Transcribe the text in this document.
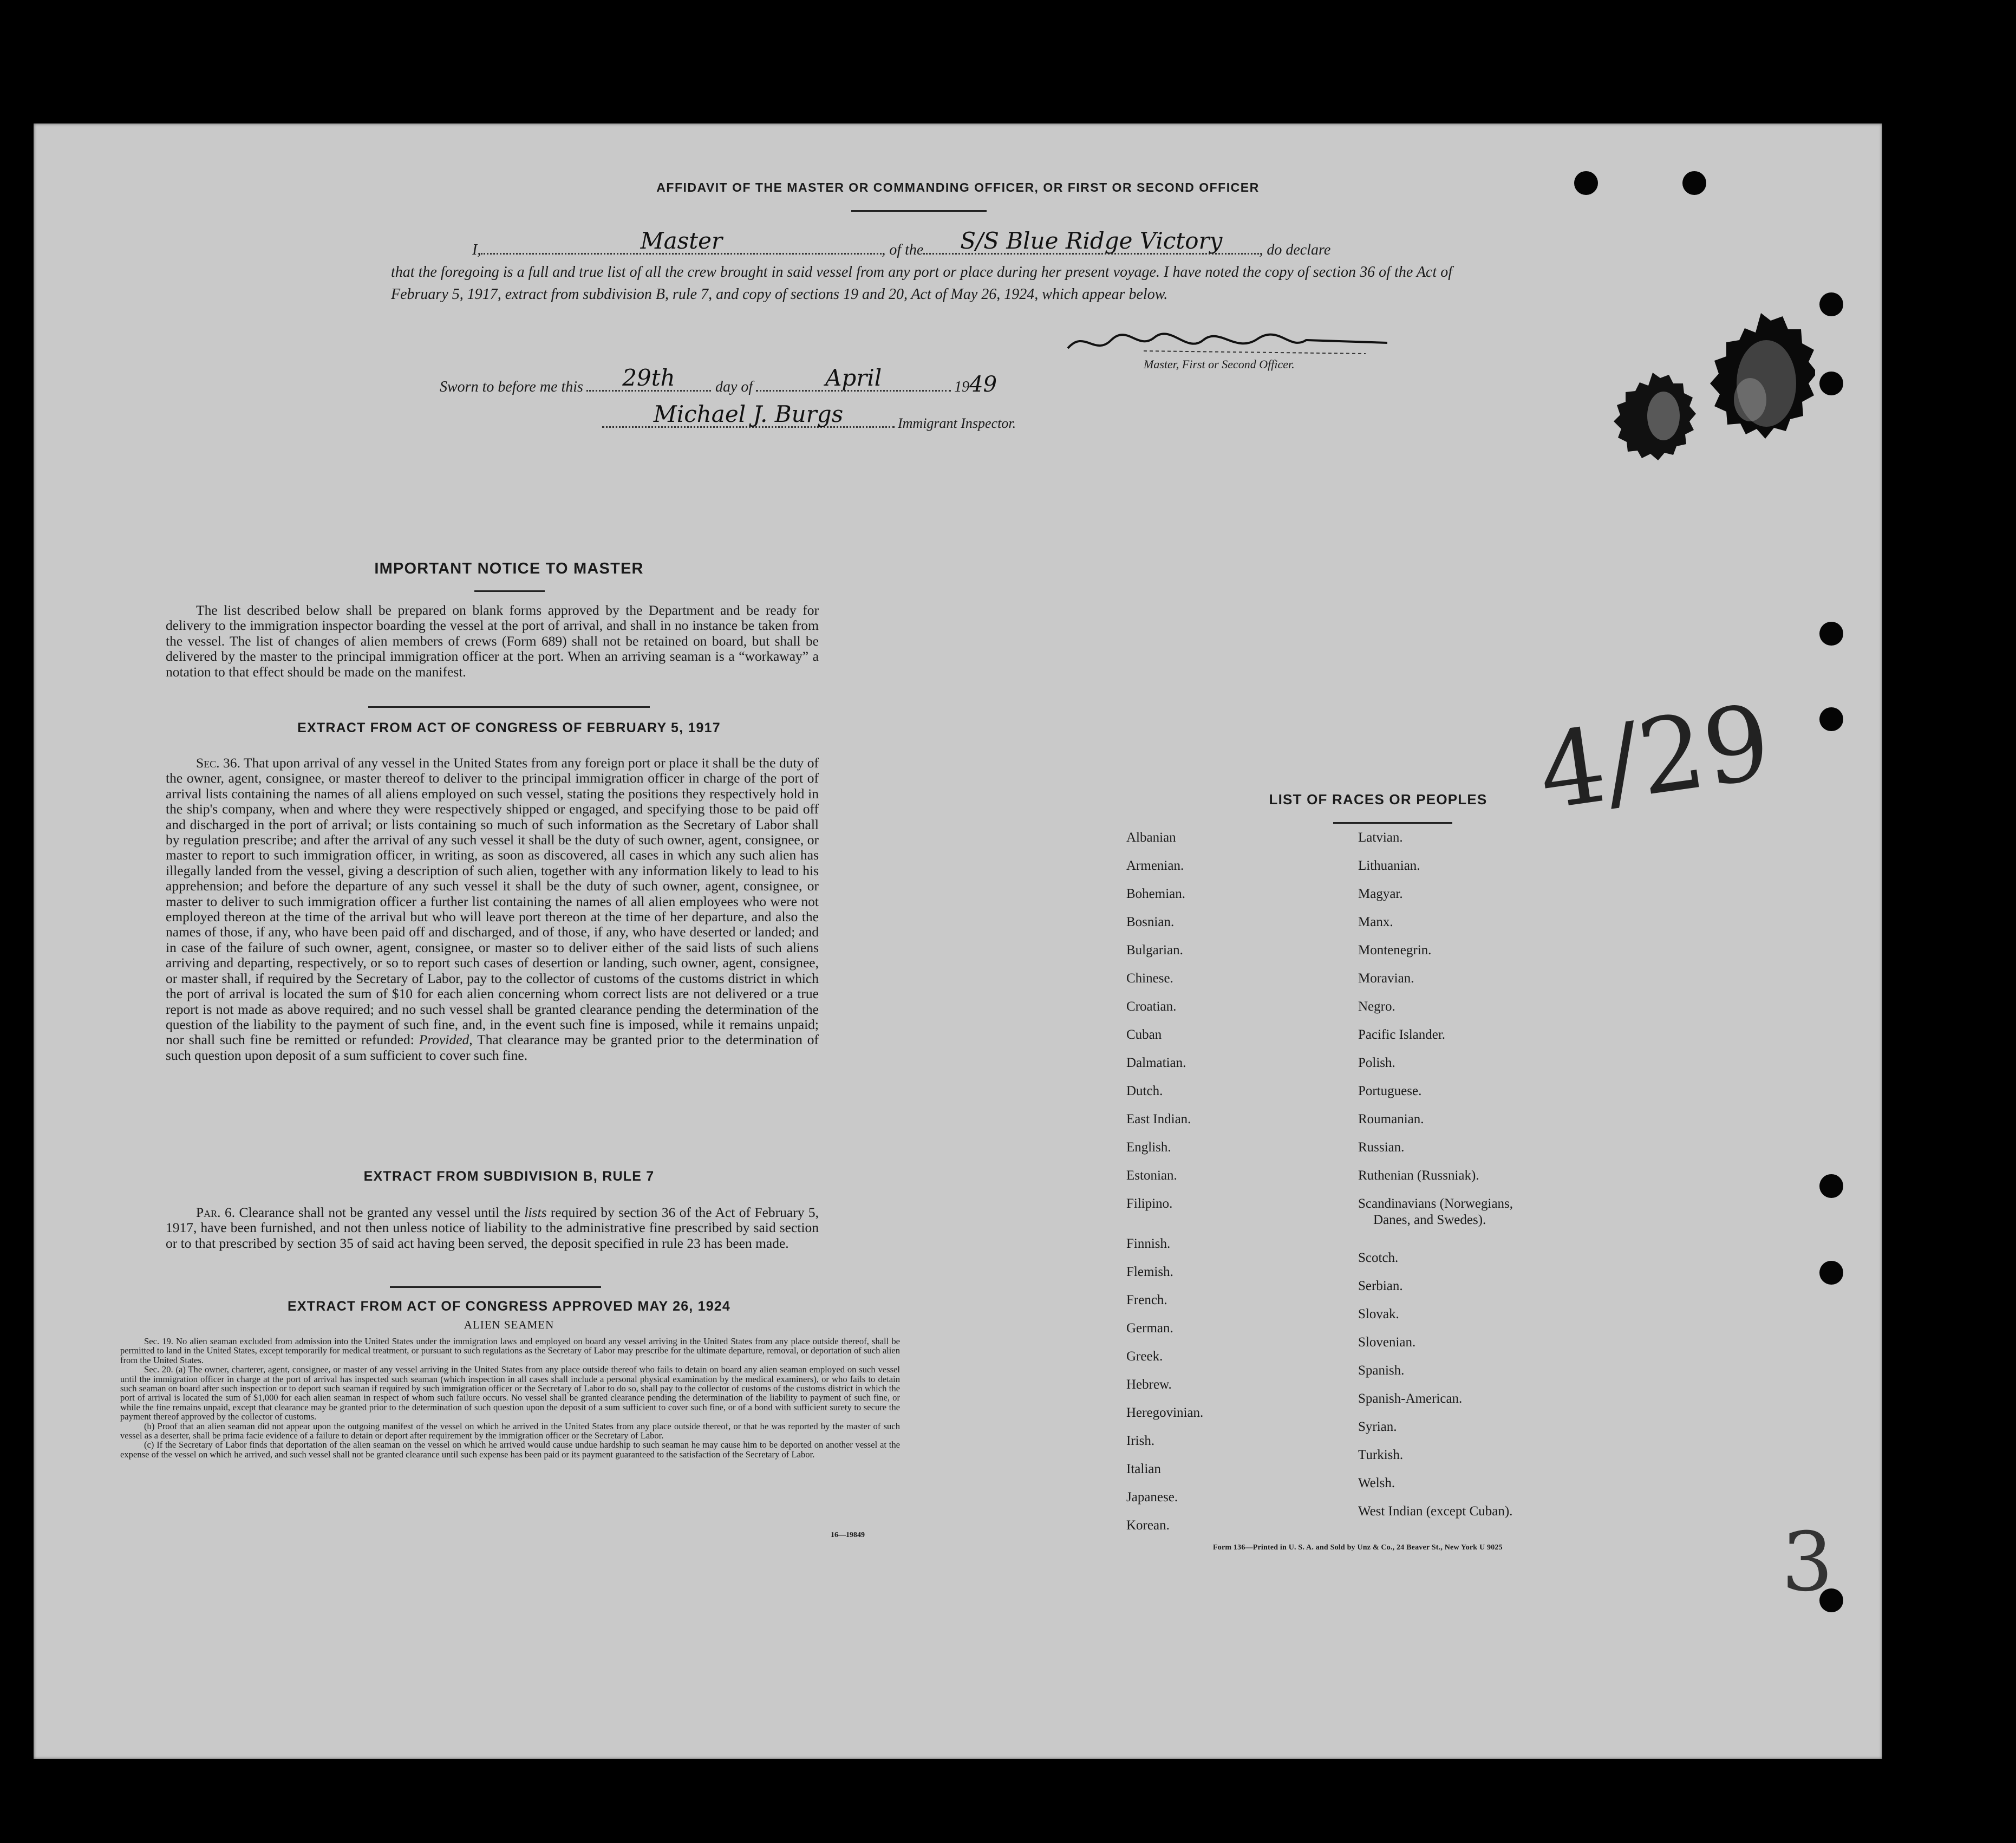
AFFIDAVIT OF THE MASTER OR COMMANDING OFFICER, OR FIRST OR SECOND OFFICER
I,	Master	, of the	S/S Blue Ridge Victory	, do declare
that the foregoing is a full and true list of all the crew brought in said vessel from any port or place during her present voyage. I have noted the copy of section 36 of the Act of February 5, 1917, extract from subdivision B, rule 7, and copy of sections 19 and 20, Act of May 26, 1924, which appear below.
Master, First or Second Officer.
Sworn to before me this	29th	day of	April	19 49
Michael J. Burgs	Immigrant Inspector.
IMPORTANT NOTICE TO MASTER
The list described below shall be prepared on blank forms approved by the Department and be ready for delivery to the immigration inspector boarding the vessel at the port of arrival, and shall in no instance be taken from the vessel. The list of changes of alien members of crews (Form 689) shall not be retained on board, but shall be delivered by the master to the principal immigration officer at the port. When an arriving seaman is a “workaway” a notation to that effect should be made on the manifest.
EXTRACT FROM ACT OF CONGRESS OF FEBRUARY 5, 1917
Sec. 36. That upon arrival of any vessel in the United States from any foreign port or place it shall be the duty of the owner, agent, consignee, or master thereof to deliver to the principal immigration officer in charge of the port of arrival lists containing the names of all aliens employed on such vessel, stating the positions they respectively hold in the ship's company, when and where they were respectively shipped or engaged, and specifying those to be paid off and discharged in the port of arrival; or lists containing so much of such information as the Secretary of Labor shall by regulation prescribe; and after the arrival of any such vessel it shall be the duty of such owner, agent, consignee, or master to report to such immigration officer, in writing, as soon as discovered, all cases in which any such alien has illegally landed from the vessel, giving a description of such alien, together with any information likely to lead to his apprehension; and before the departure of any such vessel it shall be the duty of such owner, agent, consignee, or master to deliver to such immigration officer a further list containing the names of all alien employees who were not employed thereon at the time of the arrival but who will leave port thereon at the time of her departure, and also the names of those, if any, who have been paid off and discharged, and of those, if any, who have deserted or landed; and in case of the failure of such owner, agent, consignee, or master so to deliver either of the said lists of such aliens arriving and departing, respectively, or so to report such cases of desertion or landing, such owner, agent, consignee, or master shall, if required by the Secretary of Labor, pay to the collector of customs of the customs district in which the port of arrival is located the sum of $10 for each alien concerning whom correct lists are not delivered or a true report is not made as above required; and no such vessel shall be granted clearance pending the determination of the question of the liability to the payment of such fine, and, in the event such fine is imposed, while it remains unpaid; nor shall such fine be remitted or refunded: Provided, That clearance may be granted prior to the determination of such question upon deposit of a sum sufficient to cover such fine.
EXTRACT FROM SUBDIVISION B, RULE 7
Par. 6. Clearance shall not be granted any vessel until the lists required by section 36 of the Act of February 5, 1917, have been furnished, and not then unless notice of liability to the administrative fine prescribed by said section or to that prescribed by section 35 of said act having been served, the deposit specified in rule 23 has been made.
EXTRACT FROM ACT OF CONGRESS APPROVED MAY 26, 1924
ALIEN SEAMEN
Sec. 19. No alien seaman excluded from admission into the United States under the immigration laws and employed on board any vessel arriving in the United States from any place outside thereof, shall be permitted to land in the United States, except temporarily for medical treatment, or pursuant to such regulations as the Secretary of Labor may prescribe for the ultimate departure, removal, or deportation of such alien from the United States.
Sec. 20. (a) The owner, charterer, agent, consignee, or master of any vessel arriving in the United States from any place outside thereof who fails to detain on board any alien seaman employed on such vessel until the immigration officer in charge at the port of arrival has inspected such seaman (which inspection in all cases shall include a personal physical examination by the medical examiners), or who fails to detain such seaman on board after such inspection or to deport such seaman if required by such immigration officer or the Secretary of Labor to do so, shall pay to the collector of customs of the customs district in which the port of arrival is located the sum of $1,000 for each alien seaman in respect of whom such failure occurs. No vessel shall be granted clearance pending the determination of the liability to payment of such fine, or while the fine remains unpaid, except that clearance may be granted prior to the determination of such question upon the deposit of a sum sufficient to cover such fine, or of a bond with sufficient surety to secure the payment thereof approved by the collector of customs.
(b) Proof that an alien seaman did not appear upon the outgoing manifest of the vessel on which he arrived in the United States from any place outside thereof, or that he was reported by the master of such vessel as a deserter, shall be prima facie evidence of a failure to detain or deport after requirement by the immigration officer or the Secretary of Labor.
(c) If the Secretary of Labor finds that deportation of the alien seaman on the vessel on which he arrived would cause undue hardship to such seaman he may cause him to be deported on another vessel at the expense of the vessel on which he arrived, and such vessel shall not be granted clearance until such expense has been paid or its payment guaranteed to the satisfaction of the Secretary of Labor.
16—19849
LIST OF RACES OR PEOPLES
Albanian
Armenian.
Bohemian.
Bosnian.
Bulgarian.
Chinese.
Croatian.
Cuban
Dalmatian.
Dutch.
East Indian.
English.
Estonian.
Filipino.
Finnish.
Flemish.
French.
German.
Greek.
Hebrew.
Heregovinian.
Irish.
Italian
Japanese.
Korean.
Latvian.
Lithuanian.
Magyar.
Manx.
Montenegrin.
Moravian.
Negro.
Pacific Islander.
Polish.
Portuguese.
Roumanian.
Russian.
Ruthenian (Russniak).
Scandinavians (Norwegians,
Danes, and Swedes).
Scotch.
Serbian.
Slovak.
Slovenian.
Spanish.
Spanish-American.
Syrian.
Turkish.
Welsh.
West Indian (except Cuban).
Form 136—Printed in U. S. A. and Sold by Unz & Co., 24 Beaver St., New York U 9025
4/29
3
